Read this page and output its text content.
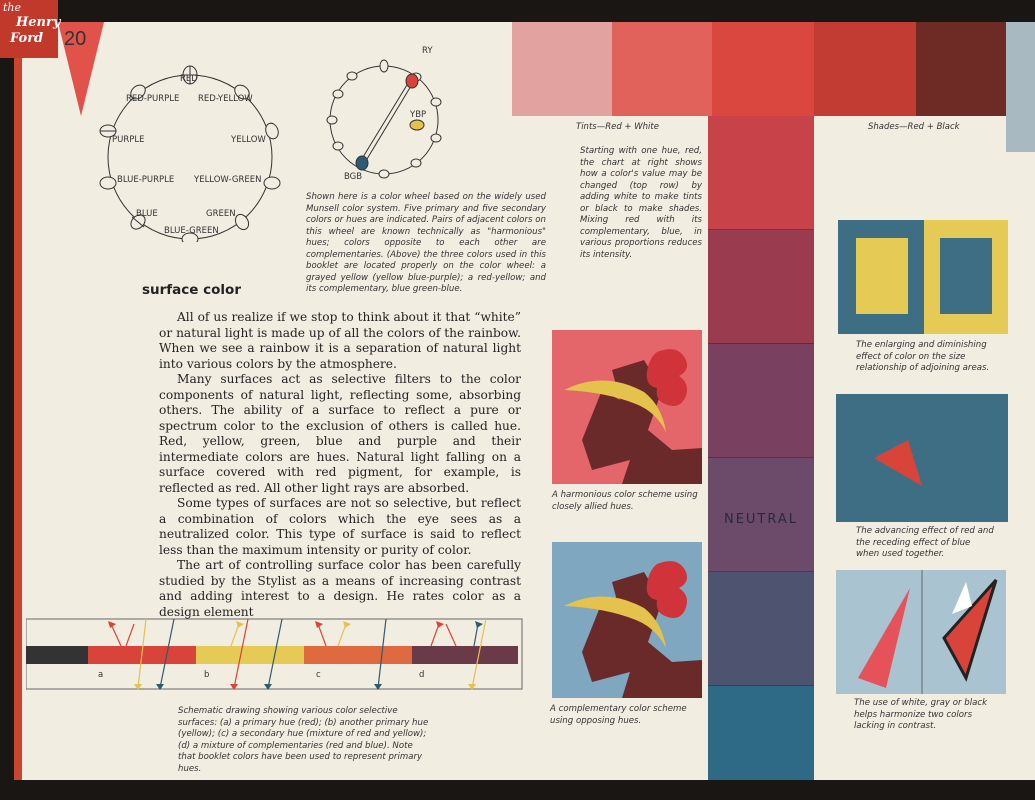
20
RED
RED-PURPLE RED-YELLOW
PURPLE	YELLOW
BLUE-PURPLE YELLOW-GREEN
BLUE	GREEN
BLUE-GREEN
RY
YBP
BGB
Shown here is a color wheel based on the widely used Munsell color system. Five primary and five secondary colors or hues are indicated. Pairs of adjacent colors on this wheel are known technically as "harmonious" hues; colors opposite to each other are complementaries. (Above) the three colors used in this booklet are located properly on the color wheel: a grayed yellow (yellow blue-purple); a red-yellow; and its complementary, blue green-blue.
surface color

All of us realize if we stop to think about it that “white” or natural light is made up of all the colors of the rainbow. When we see a rainbow it is a separation of natural light into various colors by the atmosphere.

Many surfaces act as selective filters to the color components of natural light, reflecting some, absorbing others. The ability of a surface to reflect a pure or spectrum color to the exclusion of others is called hue. Red, yellow, green, blue and purple and their intermediate colors are hues. Natural light falling on a surface covered with red pigment, for example, is reflected as red. All other light rays are absorbed.

Some types of surfaces are not so selective, but reflect a combination of colors which the eye sees as a neutralized color. This type of surface is said to reflect less than the maximum intensity or purity of color.

The art of controlling surface color has been carefully studied by the Stylist as a means of increasing contrast and adding interest to a design. He rates color as a design element

a	b	c	d
Schematic drawing showing various color selective surfaces: (a) a primary hue (red); (b) another primary hue (yellow); (c) a secondary hue (mixture of red and yellow); (d) a mixture of complementaries (red and blue). Note that booklet colors have been used to represent primary hues.
Tints—Red + White	Shades—Red + Black
NEUTRAL
Starting with one hue, red, the chart at right shows how a color's value may be changed (top row) by adding white to make tints or black to make shades. Mixing red with its complementary, blue, in various proportions reduces its intensity.
A harmonious color scheme using closely allied hues.
A complementary color scheme using opposing hues.
The enlarging and diminishing effect of color on the size relationship of adjoining areas.
The advancing effect of red and the receding effect of blue when used together.
The use of white, gray or black helps harmonize two colors lacking in contrast.
the
Henry
Ford
